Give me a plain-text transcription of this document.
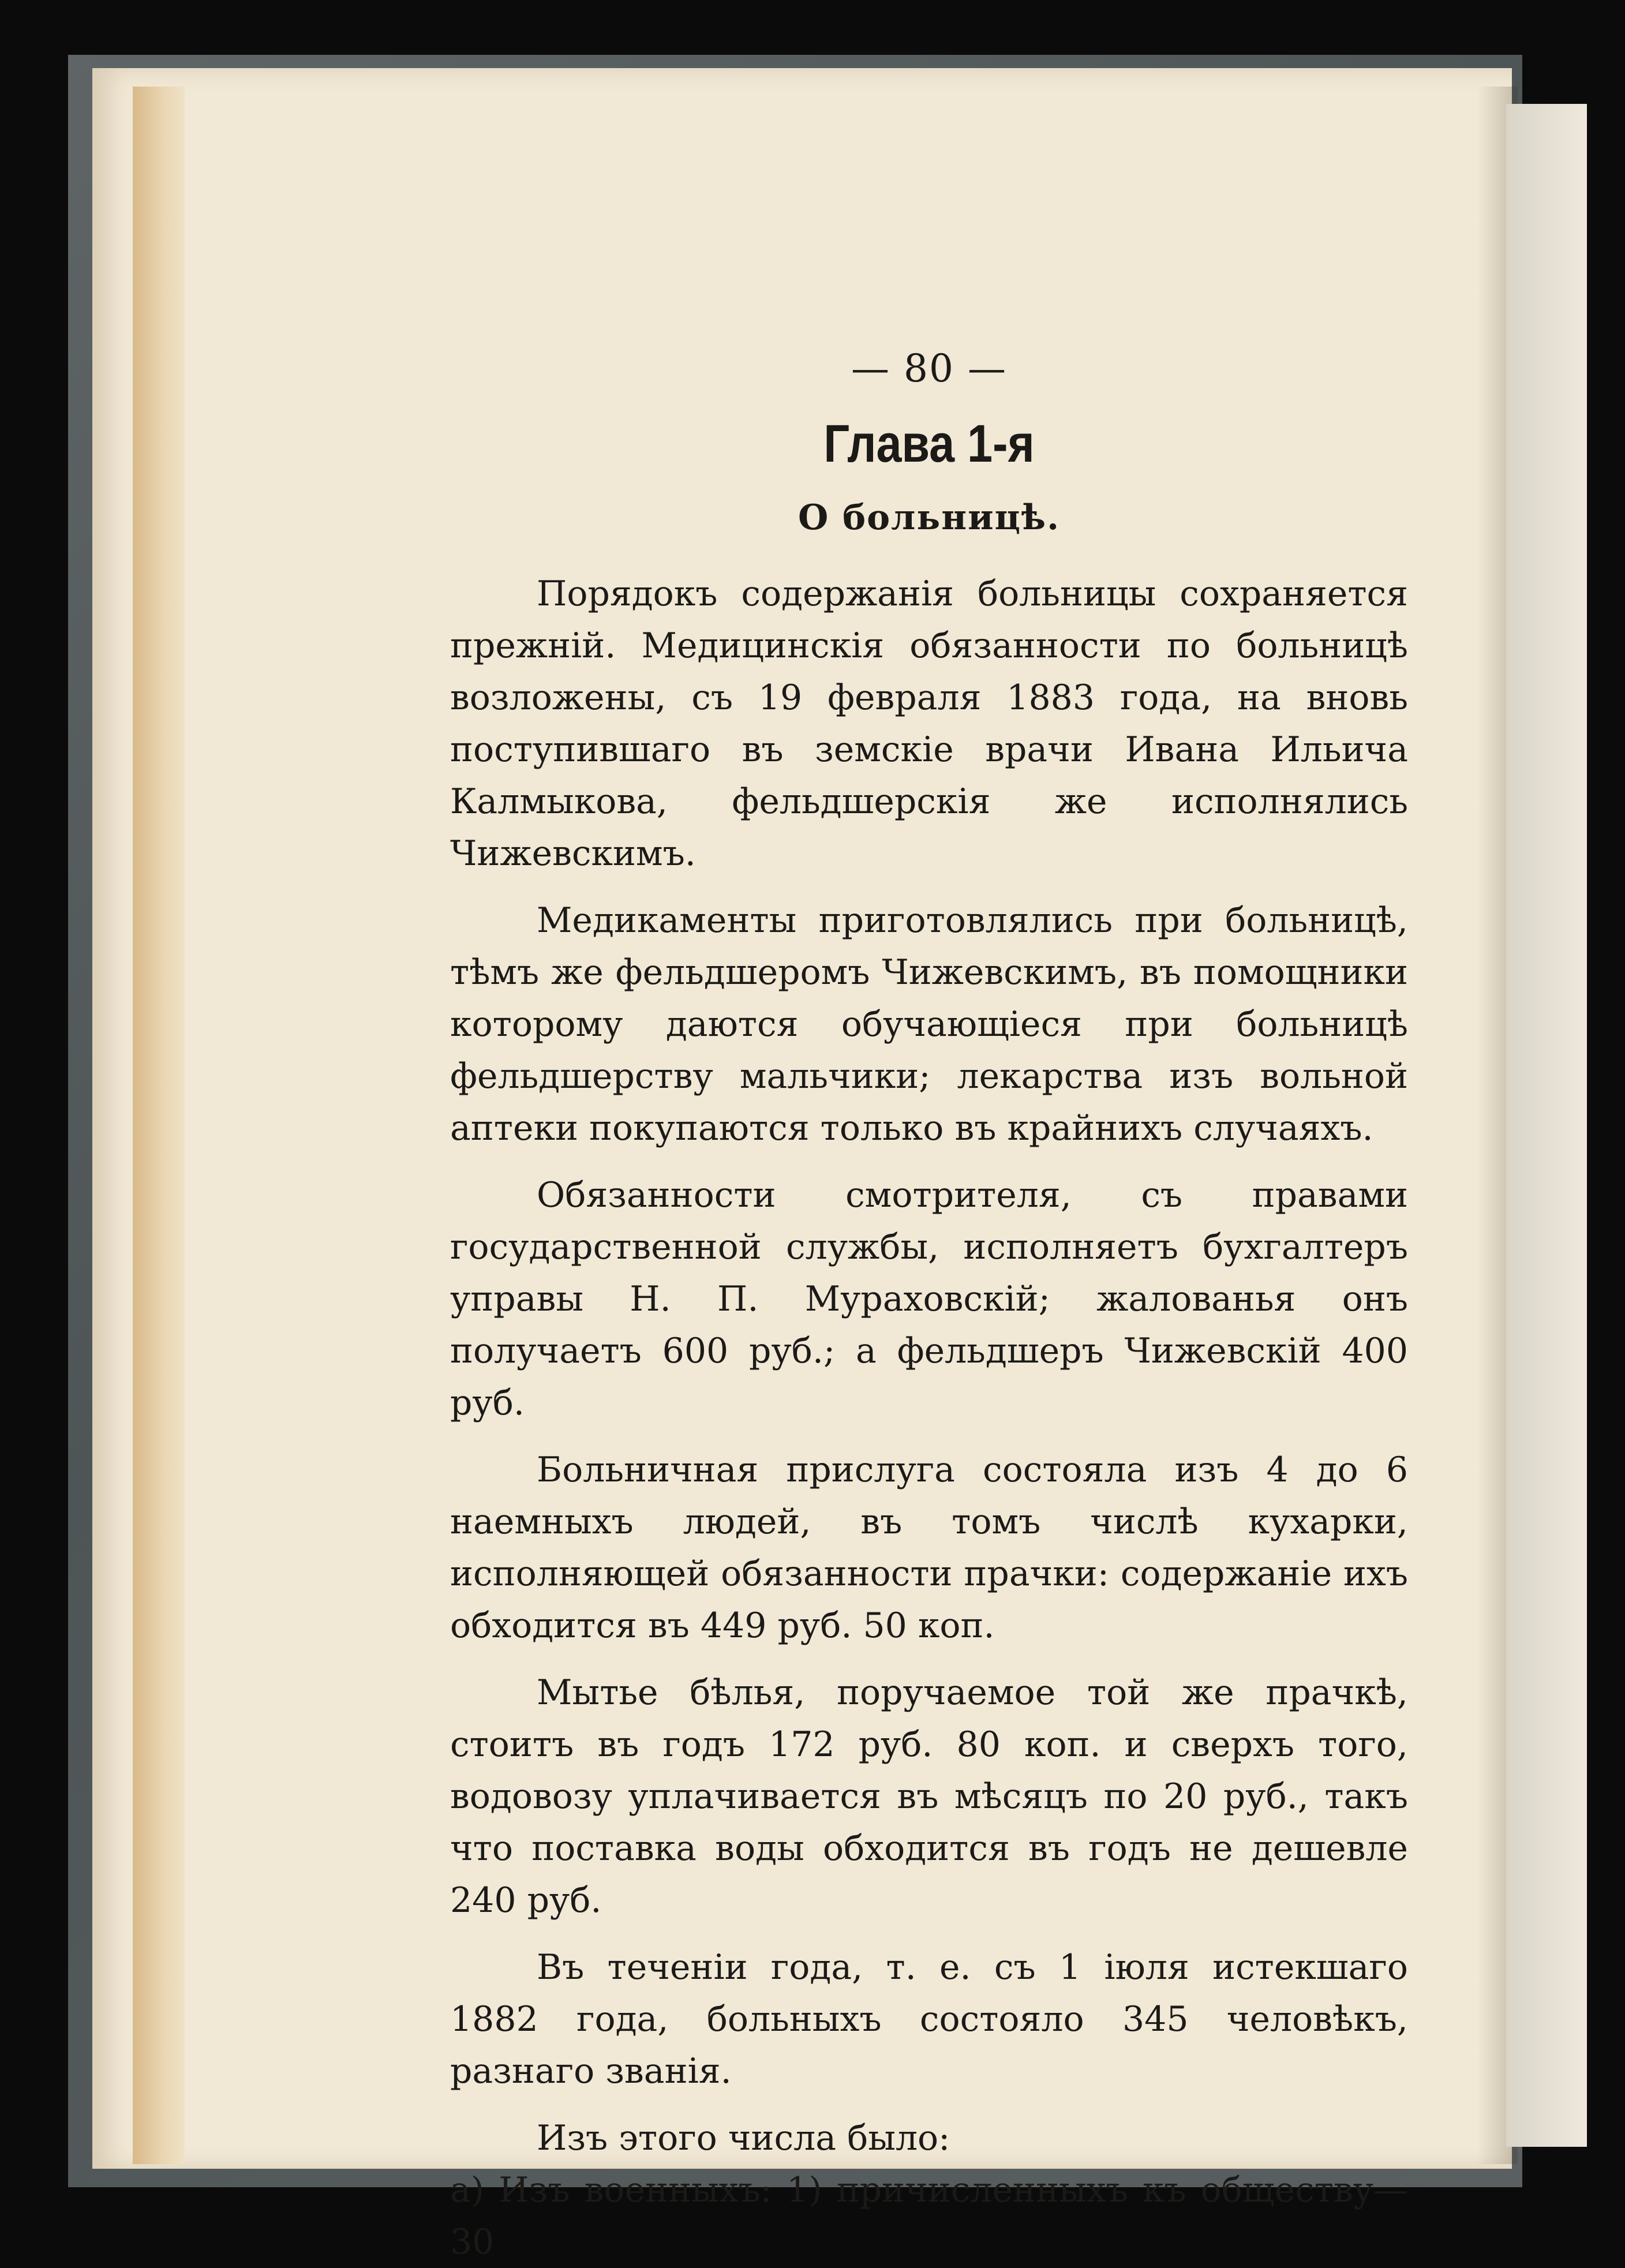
— 80 —
Глава 1-я
О больницѣ.

Порядокъ содержанія больницы сохраняется прежній. Медицинскія обязанности по больницѣ возложены, съ 19 февраля 1883 года, на вновь поступившаго въ земскіе врачи Ивана Ильича Калмыкова, фельдшерскія же исполнялись Чижевскимъ.

Медикаменты приготовлялись при больницѣ, тѣмъ же фельдшеромъ Чижевскимъ, въ помощники которому даются обучающіеся при больницѣ фельдшерству мальчики; лекарства изъ вольной аптеки покупаются только въ крайнихъ случаяхъ.

Обязанности смотрителя, съ правами государственной службы, исполняетъ бухгалтеръ управы Н. П. Мураховскій; жалованья онъ получаетъ 600 руб.; а фельдшеръ Чижевскій 400 руб.

Больничная прислуга состояла изъ 4 до 6 наемныхъ людей, въ томъ числѣ кухарки, исполняющей обязанности прачки: содержаніе ихъ обходится въ 449 руб. 50 коп.

Мытье бѣлья, поручаемое той же прачкѣ, стоитъ въ годъ 172 руб. 80 коп. и сверхъ того, водовозу уплачивается въ мѣсяцъ по 20 руб., такъ что поставка воды обходится въ годъ не дешевле 240 руб.

Въ теченіи года, т. е. съ 1 іюля истекшаго 1882 года, больныхъ состояло 345 человѣкъ, разнаго званія.

Изъ этого числа было:

а) Изъ военныхъ: 1) причисленныхъ къ обществу—30
